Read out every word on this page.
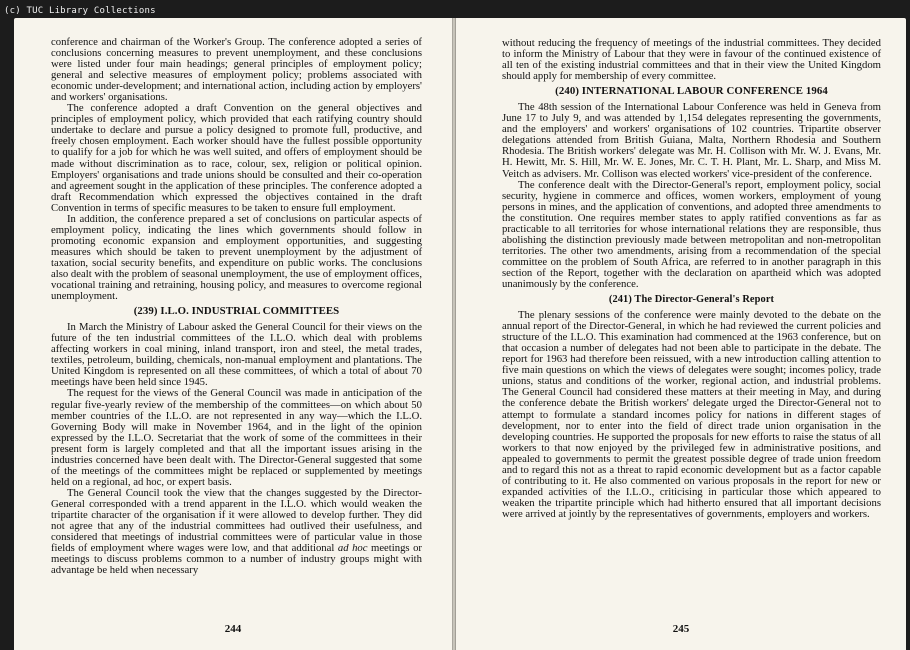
(c) TUC Library Collections

conference and chairman of the Worker's Group. The conference adopted a series of conclusions concerning measures to prevent unemployment, and these conclusions were listed under four main headings; general principles of employment policy; general and selective measures of employment policy; problems associated with economic under-development; and international action, including action by employers' and workers' organisations.

The conference adopted a draft Convention on the general objectives and principles of employment policy, which provided that each ratifying country should undertake to declare and pursue a policy designed to promote full, productive, and freely chosen employment. Each worker should have the fullest possible opportunity to qualify for a job for which he was well suited, and offers of employment should be made without discrimination as to race, colour, sex, religion or political opinion. Employers' organisations and trade unions should be consulted and their co-operation and agreement sought in the application of these principles. The conference adopted a draft Recommendation which expressed the objectives contained in the draft Convention in terms of specific measures to be taken to ensure full employment.

In addition, the conference prepared a set of conclusions on particular aspects of employment policy, indicating the lines which governments should follow in promoting economic expansion and employment opportunities, and suggesting measures which should be taken to prevent unemployment by the adjustment of taxation, social security benefits, and expenditure on public works. The conclusions also dealt with the problem of seasonal unemployment, the use of employment offices, vocational training and retraining, housing policy, and measures to overcome regional unemployment.

(239) I.L.O. INDUSTRIAL COMMITTEES

In March the Ministry of Labour asked the General Council for their views on the future of the ten industrial committees of the I.L.O. which deal with problems affecting workers in coal mining, inland transport, iron and steel, the metal trades, textiles, petroleum, building, chemicals, non-manual employment and plantations. The United Kingdom is represented on all these committees, of which a total of about 70 meetings have been held since 1945.

The request for the views of the General Council was made in anticipation of the regular five-yearly review of the membership of the committees—on which about 50 member countries of the I.L.O. are not represented in any way—which the I.L.O. Governing Body will make in November 1964, and in the light of the opinion expressed by the I.L.O. Secretariat that the work of some of the committees in their present form is largely completed and that all the important issues arising in the industries concerned have been dealt with. The Director-General suggested that some of the meetings of the committees might be replaced or supplemented by meetings held on a regional, ad hoc, or expert basis.

The General Council took the view that the changes suggested by the Director-General corresponded with a trend apparent in the I.L.O. which would weaken the tripartite character of the organisation if it were allowed to develop further. They did not agree that any of the industrial committees had outlived their usefulness, and considered that meetings of industrial committees were of particular value in those fields of employment where wages were low, and that additional ad hoc meetings or meetings to discuss problems common to a number of industry groups might with advantage be held when necessary

244

without reducing the frequency of meetings of the industrial committees. They decided to inform the Ministry of Labour that they were in favour of the continued existence of all ten of the existing industrial committees and that in their view the United Kingdom should apply for membership of every committee.

(240) INTERNATIONAL LABOUR CONFERENCE 1964

The 48th session of the International Labour Conference was held in Geneva from June 17 to July 9, and was attended by 1,154 delegates representing the governments, and the employers' and workers' organisations of 102 countries. Tripartite observer delegations attended from British Guiana, Malta, Northern Rhodesia and Southern Rhodesia. The British workers' delegate was Mr. H. Collison with Mr. W. J. Evans, Mr. H. Hewitt, Mr. S. Hill, Mr. W. E. Jones, Mr. C. T. H. Plant, Mr. L. Sharp, and Miss M. Veitch as advisers. Mr. Collison was elected workers' vice-president of the conference.

The conference dealt with the Director-General's report, employment policy, social security, hygiene in commerce and offices, women workers, employment of young persons in mines, and the application of conventions, and adopted three amendments to the constitution. One requires member states to apply ratified conventions as far as practicable to all territories for whose international relations they are responsible, thus abolishing the distinction previously made between metropolitan and non-metropolitan territories. The other two amendments, arising from a recommendation of the special committee on the problem of South Africa, are referred to in another paragraph in this section of the Report, together with the declaration on apartheid which was adopted unanimously by the conference.

(241) The Director-General's Report

The plenary sessions of the conference were mainly devoted to the debate on the annual report of the Director-General, in which he had reviewed the current policies and structure of the I.L.O. This examination had commenced at the 1963 conference, but on that occasion a number of delegates had not been able to participate in the debate. The report for 1963 had therefore been reissued, with a new introduction calling attention to five main questions on which the views of delegates were sought; incomes policy, trade unions, status and conditions of the worker, regional action, and industrial problems. The General Council had considered these matters at their meeting in May, and during the conference debate the British workers' delegate urged the Director-General not to attempt to formulate a standard incomes policy for nations in different stages of development, nor to enter into the field of direct trade union organisation in the developing countries. He supported the proposals for new efforts to raise the status of all workers to that now enjoyed by the privileged few in administrative positions, and appealed to governments to permit the greatest possible degree of trade union freedom and to regard this not as a threat to rapid economic development but as a factor capable of contributing to it. He also commented on various proposals in the report for new or expanded activities of the I.L.O., criticising in particular those which appeared to weaken the tripartite principle which had hitherto ensured that all important decisions were arrived at jointly by the representatives of governments, employers and workers.

245
